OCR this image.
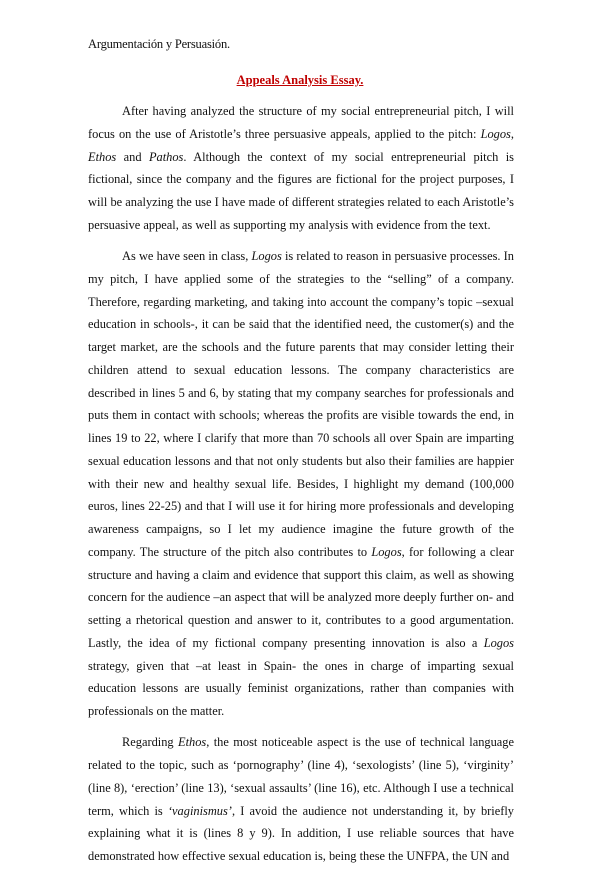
Argumentación y Persuasión.
Appeals Analysis Essay.

After having analyzed the structure of my social entrepreneurial pitch, I will focus on the use of Aristotle’s three persuasive appeals, applied to the pitch: Logos, Ethos and Pathos. Although the context of my social entrepreneurial pitch is fictional, since the company and the figures are fictional for the project purposes, I will be analyzing the use I have made of different strategies related to each Aristotle’s persuasive appeal, as well as supporting my analysis with evidence from the text.

As we have seen in class, Logos is related to reason in persuasive processes. In my pitch, I have applied some of the strategies to the “selling” of a company. Therefore, regarding marketing, and taking into account the company’s topic –sexual education in schools-, it can be said that the identified need, the customer(s) and the target market, are the schools and the future parents that may consider letting their children attend to sexual education lessons. The company characteristics are described in lines 5 and 6, by stating that my company searches for professionals and puts them in contact with schools; whereas the profits are visible towards the end, in lines 19 to 22, where I clarify that more than 70 schools all over Spain are imparting sexual education lessons and that not only students but also their families are happier with their new and healthy sexual life. Besides, I highlight my demand (100,000 euros, lines 22-25) and that I will use it for hiring more professionals and developing awareness campaigns, so I let my audience imagine the future growth of the company. The structure of the pitch also contributes to Logos, for following a clear structure and having a claim and evidence that support this claim, as well as showing concern for the audience –an aspect that will be analyzed more deeply further on- and setting a rhetorical question and answer to it, contributes to a good argumentation. Lastly, the idea of my fictional company presenting innovation is also a Logos strategy, given that –at least in Spain- the ones in charge of imparting sexual education lessons are usually feminist organizations, rather than companies with professionals on the matter.

Regarding Ethos, the most noticeable aspect is the use of technical language related to the topic, such as ‘pornography’ (line 4), ‘sexologists’ (line 5), ‘virginity’ (line 8), ‘erection’ (line 13), ‘sexual assaults’ (line 16), etc. Although I use a technical term, which is ‘vaginismus’, I avoid the audience not understanding it, by briefly explaining what it is (lines 8 y 9). In addition, I use reliable sources that have demonstrated how effective sexual education is, being these the UNFPA, the UN and
